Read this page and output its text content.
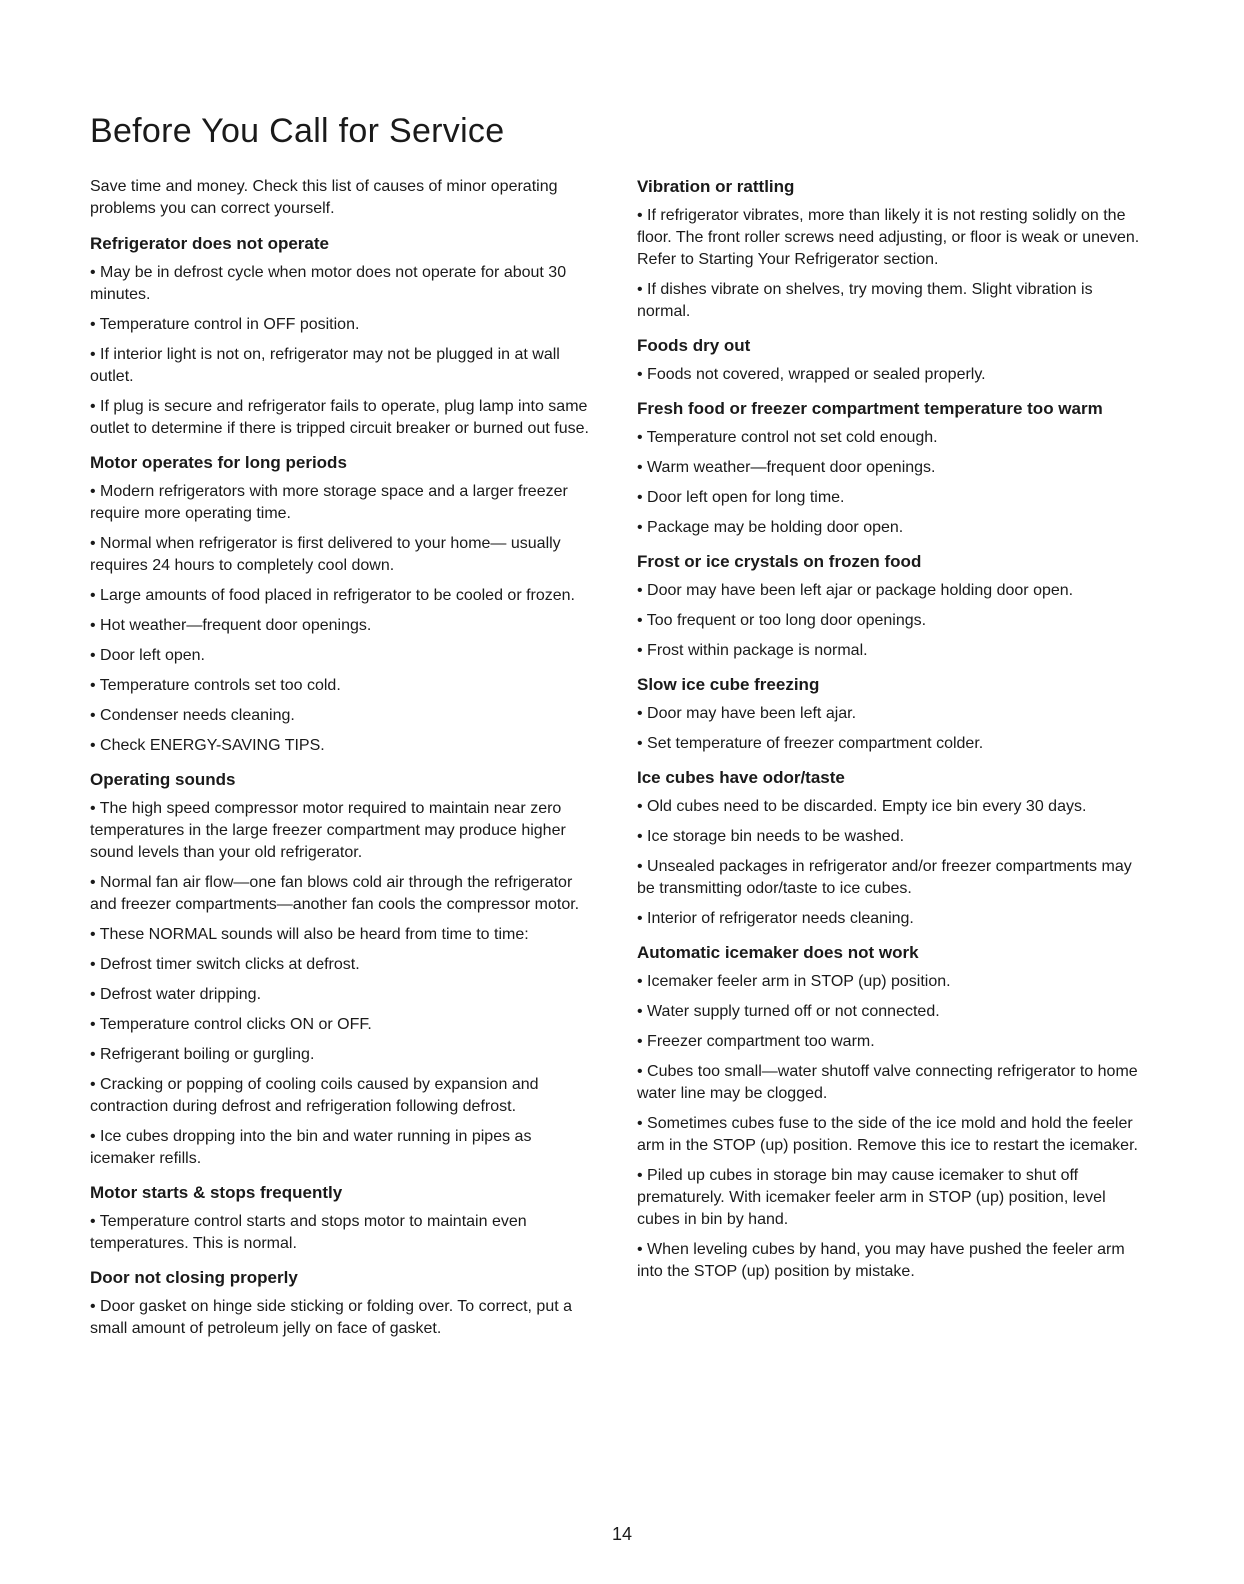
Before You Call for Service

Save time and money. Check this list of causes of minor operating problems you can correct yourself.

Refrigerator does not operate
• May be in defrost cycle when motor does not operate for about 30 minutes.
• Temperature control in OFF position.
• If interior light is not on, refrigerator may not be plugged in at wall outlet.
• If plug is secure and refrigerator fails to operate, plug lamp into same outlet to determine if there is tripped circuit breaker or burned out fuse.
Motor operates for long periods
• Modern refrigerators with more storage space and a larger freezer require more operating time.
• Normal when refrigerator is first delivered to your home— usually requires 24 hours to completely cool down.
• Large amounts of food placed in refrigerator to be cooled or frozen.
• Hot weather—frequent door openings.
• Door left open.
• Temperature controls set too cold.
• Condenser needs cleaning.
• Check ENERGY-SAVING TIPS.
Operating sounds
• The high speed compressor motor required to maintain near zero temperatures in the large freezer compartment may produce higher sound levels than your old refrigerator.
• Normal fan air flow—one fan blows cold air through the refrigerator and freezer compartments—another fan cools the compressor motor.
• These NORMAL sounds will also be heard from time to time:
• Defrost timer switch clicks at defrost.
• Defrost water dripping.
• Temperature control clicks ON or OFF.
• Refrigerant boiling or gurgling.
• Cracking or popping of cooling coils caused by expansion and contraction during defrost and refrigeration following defrost.
• Ice cubes dropping into the bin and water running in pipes as icemaker refills.
Motor starts & stops frequently
• Temperature control starts and stops motor to maintain even temperatures. This is normal.
Door not closing properly
• Door gasket on hinge side sticking or folding over. To correct, put a small amount of petroleum jelly on face of gasket.
Vibration or rattling
• If refrigerator vibrates, more than likely it is not resting solidly on the floor. The front roller screws need adjusting, or floor is weak or uneven. Refer to Starting Your Refrigerator section.
• If dishes vibrate on shelves, try moving them. Slight vibration is normal.
Foods dry out
• Foods not covered, wrapped or sealed properly.
Fresh food or freezer compartment temperature too warm
• Temperature control not set cold enough.
• Warm weather—frequent door openings.
• Door left open for long time.
• Package may be holding door open.
Frost or ice crystals on frozen food
• Door may have been left ajar or package holding door open.
• Too frequent or too long door openings.
• Frost within package is normal.
Slow ice cube freezing
• Door may have been left ajar.
• Set temperature of freezer compartment colder.
Ice cubes have odor/taste
• Old cubes need to be discarded. Empty ice bin every 30 days.
• Ice storage bin needs to be washed.
• Unsealed packages in refrigerator and/or freezer compartments may be transmitting odor/taste to ice cubes.
• Interior of refrigerator needs cleaning.
Automatic icemaker does not work
• Icemaker feeler arm in STOP (up) position.
• Water supply turned off or not connected.
• Freezer compartment too warm.
• Cubes too small—water shutoff valve connecting refrigerator to home water line may be clogged.
• Sometimes cubes fuse to the side of the ice mold and hold the feeler arm in the STOP (up) position. Remove this ice to restart the icemaker.
• Piled up cubes in storage bin may cause icemaker to shut off prematurely. With icemaker feeler arm in STOP (up) position, level cubes in bin by hand.
• When leveling cubes by hand, you may have pushed the feeler arm into the STOP (up) position by mistake.
14
